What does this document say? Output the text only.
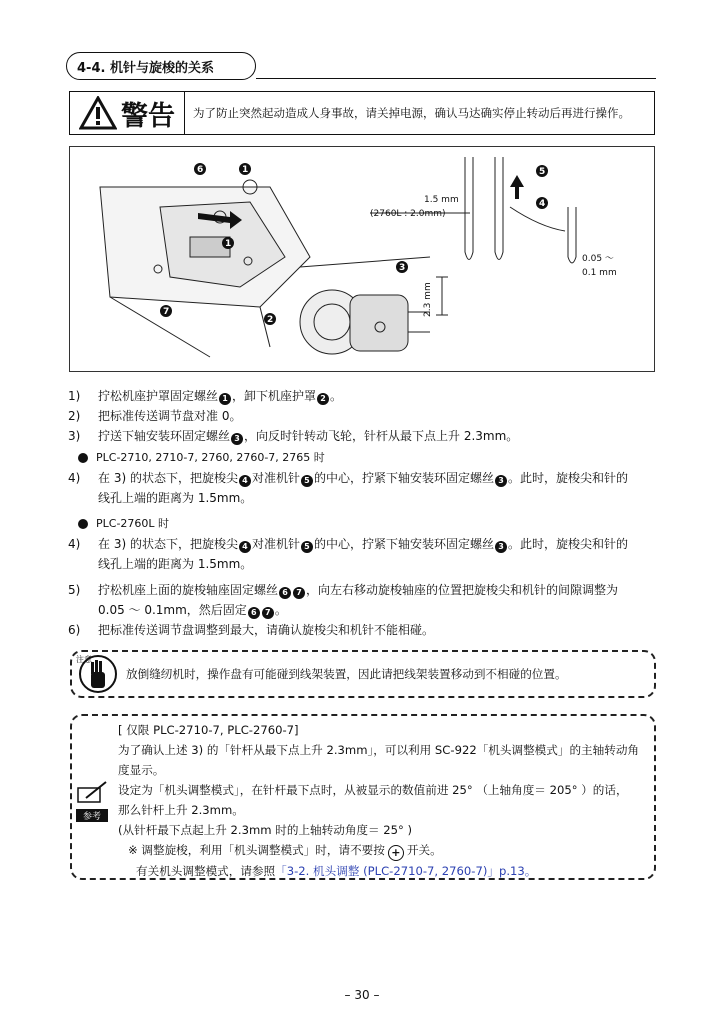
4-4. 机针与旋梭的关系
警告	为了防止突然起动造成人身事故，请关掉电源，确认马达确实停止转动后再进行操作。
6	1
1
2
7
3
5
4
1.5 mm
(2760L : 2.0mm)
0.05 ～
0.1 mm
2.3 mm
1)	拧松机座护罩固定螺丝 1 ，卸下机座护罩 2 。
2)	把标准传送调节盘对准 0。
3)	拧送下轴安装环固定螺丝 3 ，向反时针转动飞轮，针杆从最下点上升 2.3mm。
PLC-2710, 2710-7, 2760, 2760-7, 2765 时
4)	在 3) 的状态下，把旋梭尖 4 对准机针 5 的中心，拧紧下轴安装环固定螺丝 3 。此时，旋梭尖和针的
线孔上端的距离为 1.5mm。
PLC-2760L 时
4)	在 3) 的状态下，把旋梭尖 4 对准机针 5 的中心，拧紧下轴安装环固定螺丝 3 。此时，旋梭尖和针的
线孔上端的距离为 1.5mm。
5)	拧松机座上面的旋梭轴座固定螺丝 6 7 ，向左右移动旋梭轴座的位置把旋梭尖和机针的间隙调整为
0.05 ～ 0.1mm，然后固定 6 7 。
6)	把标准传送调节盘调整到最大，请确认旋梭尖和机针不能相碰。
注意
放倒缝纫机时，操作盘有可能碰到线架装置，因此请把线架装置移动到不相碰的位置。
参考
[ 仅限 PLC-2710-7, PLC-2760-7]
为了确认上述 3) 的「针杆从最下点上升 2.3mm」，可以利用 SC-922「机头调整模式」的主轴转动角
度显示。
设定为「机头调整模式」，在针杆最下点时，从被显示的数值前进 25° （上轴角度＝ 205° ）的话，
那么针杆上升 2.3mm。
(从针杆最下点起上升 2.3mm 时的上轴转动角度＝ 25° )
※ 调整旋梭，利用「机头调整模式」时，请不要按 + 开关。
有关机头调整模式，请参照「3-2. 机头调整 (PLC-2710-7, 2760-7)」p.13。
– 30 –
